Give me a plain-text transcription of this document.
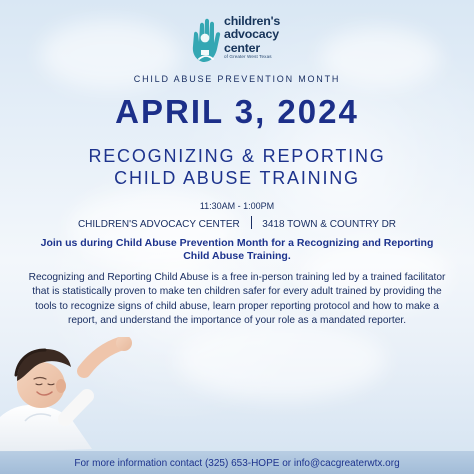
children's
advocacy
center
of Greater West Texas
CHILD ABUSE PREVENTION MONTH
APRIL 3, 2024
RECOGNIZING & REPORTING
CHILD ABUSE TRAINING
11:30AM - 1:00PM
CHILDREN'S ADVOCACY CENTER 3418 TOWN & COUNTRY DR
Join us during Child Abuse Prevention Month for a Recognizing and Reporting Child Abuse Training.
Recognizing and Reporting Child Abuse is a free in-person training led by a trained facilitator that is statistically proven to make ten children safer for every adult trained by providing the tools to recognize signs of child abuse, learn proper reporting protocol and how to make a report, and understand the importance of your role as a mandated reporter.
For more information contact (325) 653-HOPE or info@cacgreaterwtx.org
